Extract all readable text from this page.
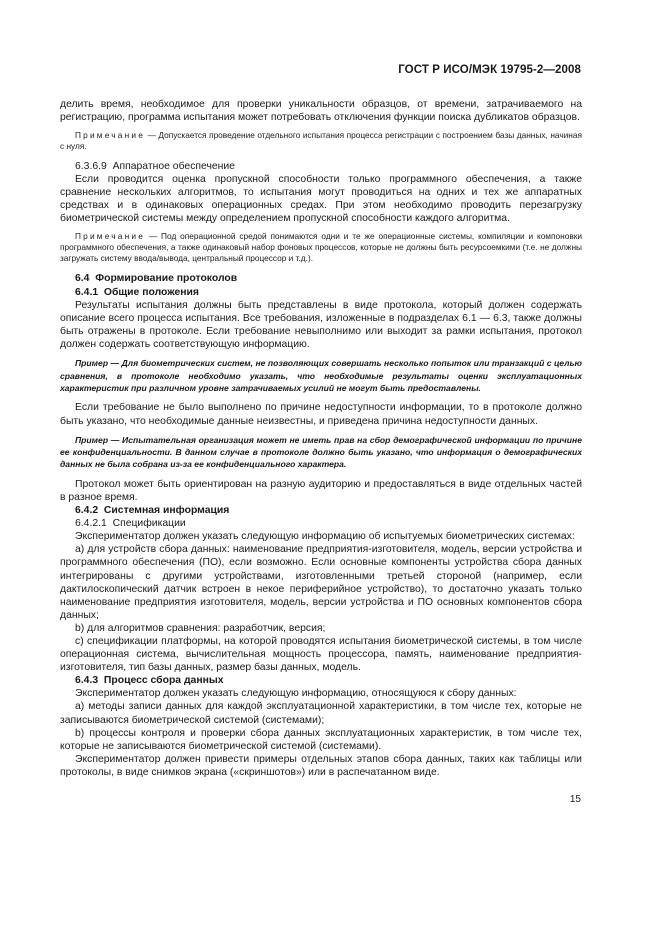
ГОСТ Р ИСО/МЭК 19795-2—2008

делить время, необходимое для проверки уникальности образцов, от времени, затрачиваемого на регистрацию, программа испытания может потребовать отключения функции поиска дубликатов образцов.

Примечание — Допускается проведение отдельного испытания процесса регистрации с построением базы данных, начиная с нуля.

6.3.6.9 Аппаратное обеспечение

Если проводится оценка пропускной способности только программного обеспечения, а также сравнение нескольких алгоритмов, то испытания могут проводиться на одних и тех же аппаратных средствах и в одинаковых операционных средах. При этом необходимо проводить перезагрузку биометрической системы между определением пропускной способности каждого алгоритма.

Примечание — Под операционной средой понимаются одни и те же операционные системы, компиляции и компоновки программного обеспечения, а также одинаковый набор фоновых процессов, которые не должны быть ресурсоемкими (т.е. не должны загружать систему ввода/вывода, центральный процессор и т.д.).

6.4 Формирование протоколов

6.4.1 Общие положения

Результаты испытания должны быть представлены в виде протокола, который должен содержать описание всего процесса испытания. Все требования, изложенные в подразделах 6.1 — 6.3, также должны быть отражены в протоколе. Если требование невыполнимо или выходит за рамки испытания, протокол должен содержать соответствующую информацию.

Пример — Для биометрических систем, не позволяющих совершать несколько попыток или транзакций с целью сравнения, в протоколе необходимо указать, что необходимые результаты оценки эксплуатационных характеристик при различном уровне затрачиваемых усилий не могут быть предоставлены.

Если требование не было выполнено по причине недоступности информации, то в протоколе должно быть указано, что необходимые данные неизвестны, и приведена причина недоступности данных.

Пример — Испытательная организация может не иметь прав на сбор демографической информации по причине ее конфиденциальности. В данном случае в протоколе должно быть указано, что информация о демографических данных не была собрана из-за ее конфиденциального характера.

Протокол может быть ориентирован на разную аудиторию и предоставляться в виде отдельных частей в разное время.

6.4.2 Системная информация

6.4.2.1 Спецификации

Экспериментатор должен указать следующую информацию об испытуемых биометрических системах:

а) для устройств сбора данных: наименование предприятия-изготовителя, модель, версии устройства и программного обеспечения (ПО), если возможно. Если основные компоненты устройства сбора данных интегрированы с другими устройствами, изготовленными третьей стороной (например, если дактилоскопический датчик встроен в некое периферийное устройство), то достаточно указать только наименование предприятия изготовителя, модель, версии устройства и ПО основных компонентов сбора данных;

b) для алгоритмов сравнения: разработчик, версия;

с) спецификации платформы, на которой проводятся испытания биометрической системы, в том числе операционная система, вычислительная мощность процессора, память, наименование предприятия-изготовителя, тип базы данных, размер базы данных, модель.

6.4.3 Процесс сбора данных

Экспериментатор должен указать следующую информацию, относящуюся к сбору данных:

а) методы записи данных для каждой эксплуатационной характеристики, в том числе тех, которые не записываются биометрической системой (системами);

b) процессы контроля и проверки сбора данных эксплуатационных характеристик, в том числе тех, которые не записываются биометрической системой (системами).

Экспериментатор должен привести примеры отдельных этапов сбора данных, таких как таблицы или протоколы, в виде снимков экрана («скриншотов») или в распечатанном виде.

15
